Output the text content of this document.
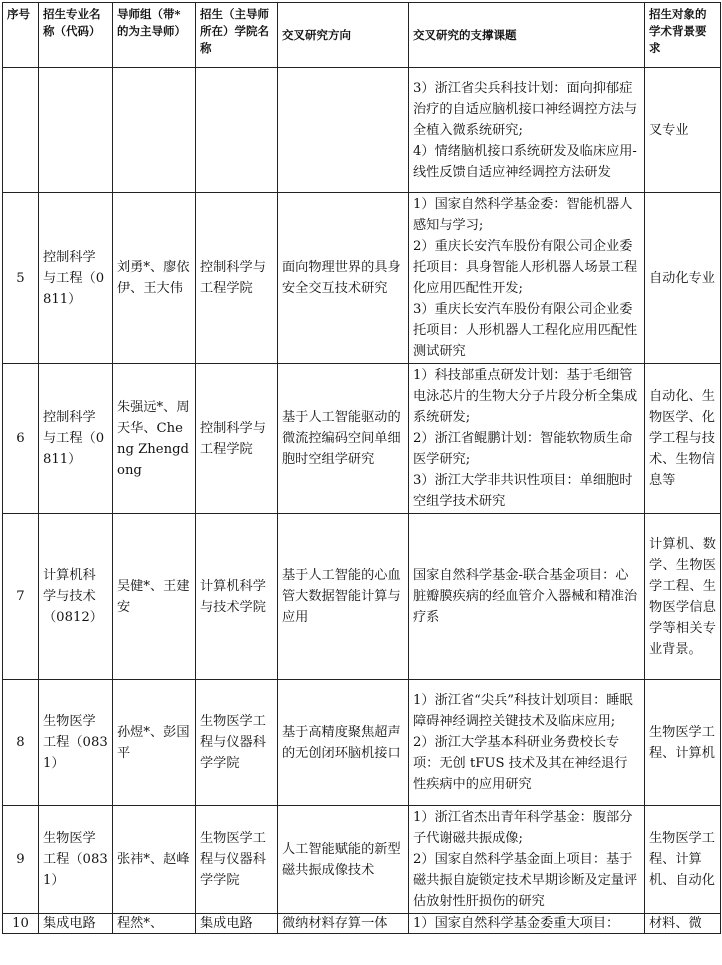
序号	招生专业名称（代码）	导师组（带*的为主导师）	招生（主导师所在）学院名称	交叉研究方向	交叉研究的支撑课题	招生对象的学术背景要求

					3）浙江省尖兵科技计划：面向抑郁症治疗的自适应脑机接口神经调控方法与全植入微系统研究;
4）情绪脑机接口系统研发及临床应用-线性反馈自适应神经调控方法研发	叉专业
5	控制科学与工程（0811）	刘勇*、廖依伊、王大伟	控制科学与工程学院	面向物理世界的具身安全交互技术研究	1）国家自然科学基金委：智能机器人感知与学习;
2）重庆长安汽车股份有限公司企业委托项目：具身智能人形机器人场景工程化应用匹配性开发;
3）重庆长安汽车股份有限公司企业委托项目：人形机器人工程化应用匹配性测试研究	自动化专业
6	控制科学与工程（0811）	朱强远*、周天华、Cheng Zhengdong	控制科学与工程学院	基于人工智能驱动的微流控编码空间单细胞时空组学研究	1）科技部重点研发计划：基于毛细管电泳芯片的生物大分子片段分析全集成系统研发;
2）浙江省鲲鹏计划：智能软物质生命医学研究;
3）浙江大学非共识性项目：单细胞时空组学技术研究	自动化、生物医学、化学工程与技术、生物信息等
7	计算机科学与技术（0812）	吴健*、王建安	计算机科学与技术学院	基于人工智能的心血管大数据智能计算与应用	国家自然科学基金-联合基金项目：心脏瓣膜疾病的经血管介入器械和精准治疗系	计算机、数学、生物医学工程、生物医学信息学等相关专业背景。
8	生物医学工程（0831）	孙煜*、彭国平	生物医学工程与仪器科学学院	基于高精度聚焦超声的无创闭环脑机接口	1）浙江省“尖兵”科技计划项目：睡眠障碍神经调控关键技术及临床应用;
2）浙江大学基本科研业务费校长专项：无创 tFUS 技术及其在神经退行性疾病中的应用研究	生物医学工程、计算机
9	生物医学工程（0831）	张祎*、赵峰	生物医学工程与仪器科学学院	人工智能赋能的新型磁共振成像技术	1）浙江省杰出青年科学基金：腹部分子代谢磁共振成像;
2）国家自然科学基金面上项目：基于磁共振自旋锁定技术早期诊断及定量评估放射性肝损伤的研究	生物医学工程、计算机、自动化
10	集成电路	程然*、	集成电路	微纳材料存算一体	1）国家自然科学基金委重大项目：	材料、微
